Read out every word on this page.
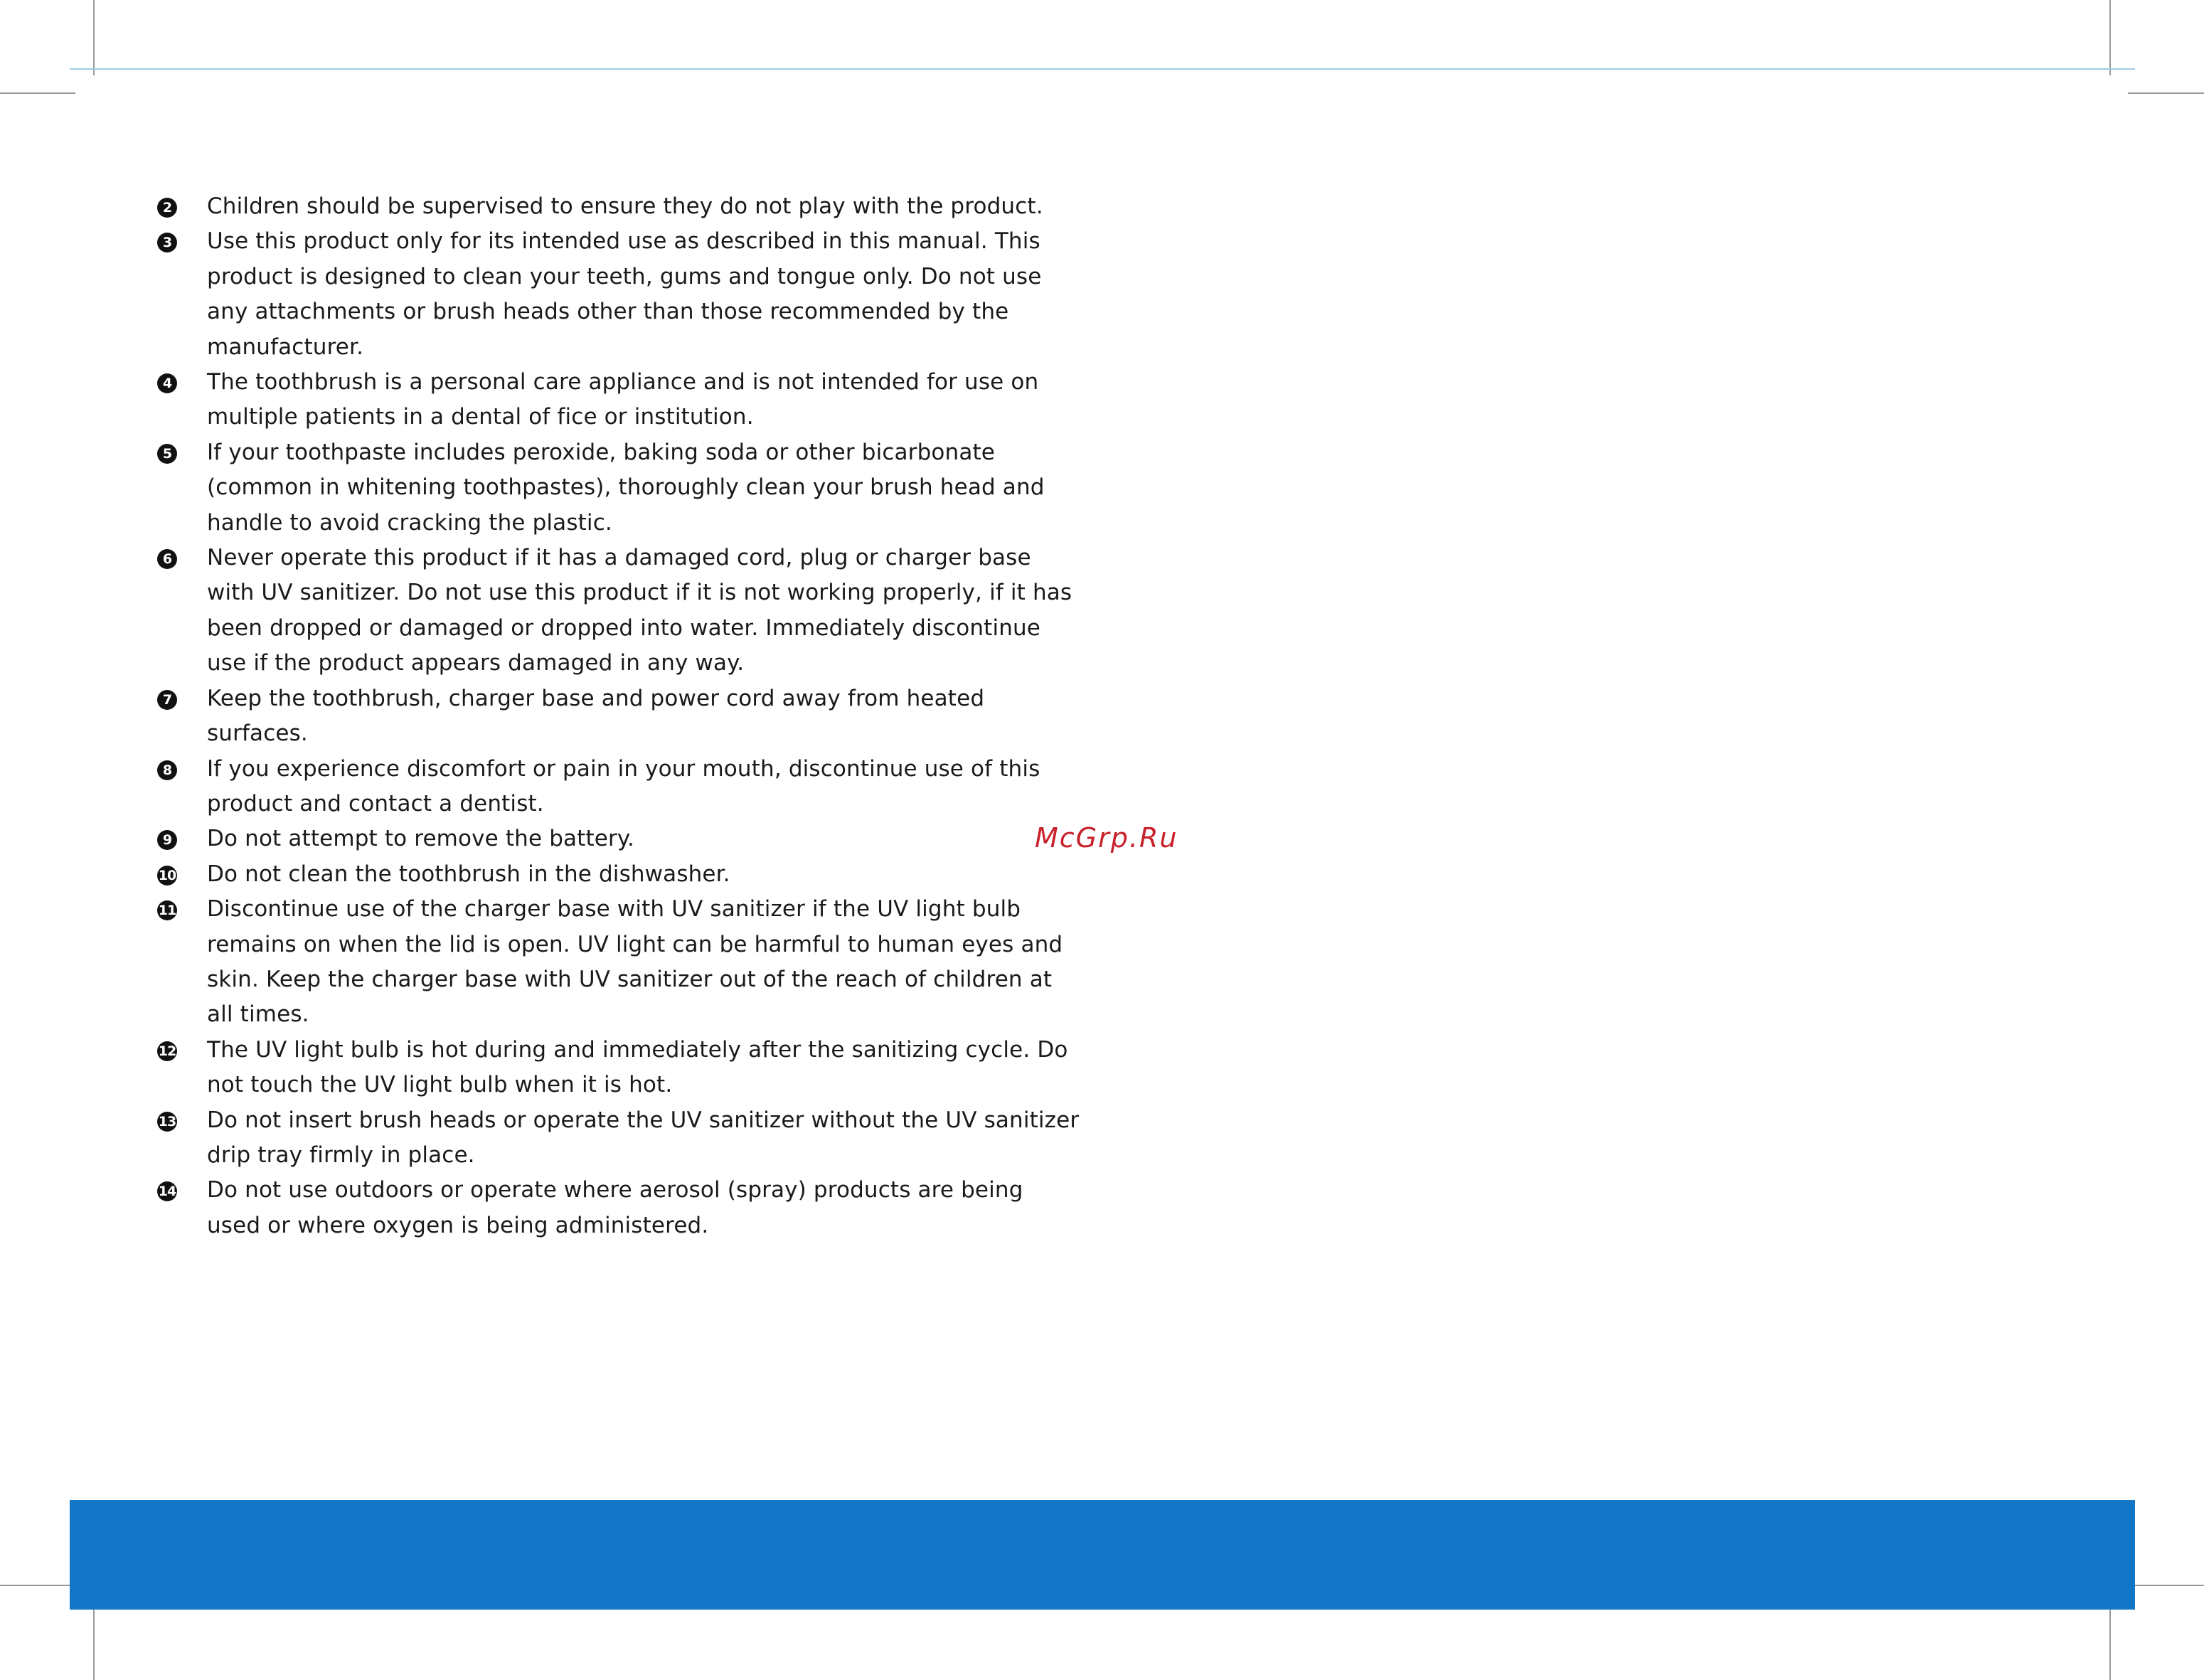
2 Children should be supervised to ensure they do not play with the product.
3 Use this product only for its intended use as described in this manual. This product is designed to clean your teeth, gums and tongue only. Do not use any attachments or brush heads other than those recommended by the manufacturer.
4 The toothbrush is a personal care appliance and is not intended for use on multiple patients in a dental of fice or institution.
5 If your toothpaste includes peroxide, baking soda or other bicarbonate (common in whitening toothpastes), thoroughly clean your brush head and handle to avoid cracking the plastic.
6 Never operate this product if it has a damaged cord, plug or charger base with UV sanitizer. Do not use this product if it is not working properly, if it has been dropped or damaged or dropped into water. Immediately discontinue use if the product appears damaged in any way.
7 Keep the toothbrush, charger base and power cord away from heated surfaces.
8 If you experience discomfort or pain in your mouth, discontinue use of this product and contact a dentist.
9 Do not attempt to remove the battery.
10 Do not clean the toothbrush in the dishwasher.
11 Discontinue use of the charger base with UV sanitizer if the UV light bulb remains on when the lid is open. UV light can be harmful to human eyes and skin. Keep the charger base with UV sanitizer out of the reach of children at all times.
12 The UV light bulb is hot during and immediately after the sanitizing cycle. Do not touch the UV light bulb when it is hot.
13 Do not insert brush heads or operate the UV sanitizer without the UV sanitizer drip tray firmly in place.
14 Do not use outdoors or operate where aerosol (spray) products are being used or where oxygen is being administered.
McGrp.Ru
